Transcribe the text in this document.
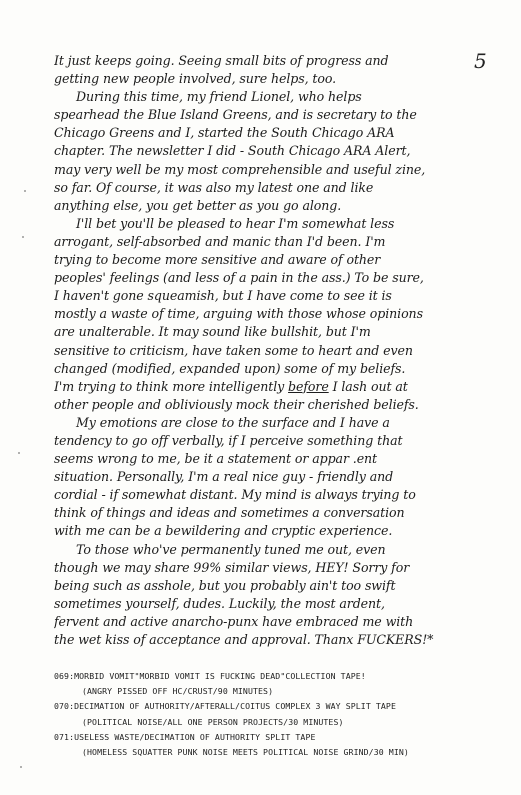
5
It just keeps going. Seeing small bits of progress and
getting new people involved, sure helps, too.
During this time, my friend Lionel, who helps
spearhead the Blue Island Greens, and is secretary to the
Chicago Greens and I, started the South Chicago ARA
chapter. The newsletter I did - South Chicago ARA Alert,
may very well be my most comprehensible and useful zine,
so far. Of course, it was also my latest one and like
anything else, you get better as you go along.
I'll bet you'll be pleased to hear I'm somewhat less
arrogant, self-absorbed and manic than I'd been. I'm
trying to become more sensitive and aware of other
peoples' feelings (and less of a pain in the ass.) To be sure,
I haven't gone squeamish, but I have come to see it is
mostly a waste of time, arguing with those whose opinions
are unalterable. It may sound like bullshit, but I'm
sensitive to criticism, have taken some to heart and even
changed (modified, expanded upon) some of my beliefs.
I'm trying to think more intelligently before I lash out at
other people and obliviously mock their cherished beliefs.
My emotions are close to the surface and I have a
tendency to go off verbally, if I perceive something that
seems wrong to me, be it a statement or appar .ent
situation. Personally, I'm a real nice guy - friendly and
cordial - if somewhat distant. My mind is always trying to
think of things and ideas and sometimes a conversation
with me can be a bewildering and cryptic experience.
To those who've permanently tuned me out, even
though we may share 99% similar views, HEY! Sorry for
being such as asshole, but you probably ain't too swift
sometimes yourself, dudes. Luckily, the most ardent,
fervent and active anarcho-punx have embraced me with
the wet kiss of acceptance and approval. Thanx FUCKERS!*
069:MORBID VOMIT"MORBID VOMIT IS FUCKING DEAD"COLLECTION TAPE!
(ANGRY PISSED OFF HC/CRUST/90 MINUTES)
070:DECIMATION OF AUTHORITY/AFTERALL/COITUS COMPLEX 3 WAY SPLIT TAPE
(POLITICAL NOISE/ALL ONE PERSON PROJECTS/30 MINUTES)
071:USELESS WASTE/DECIMATION OF AUTHORITY SPLIT TAPE
(HOMELESS SQUATTER PUNK NOISE MEETS POLITICAL NOISE GRIND/30 MIN)
